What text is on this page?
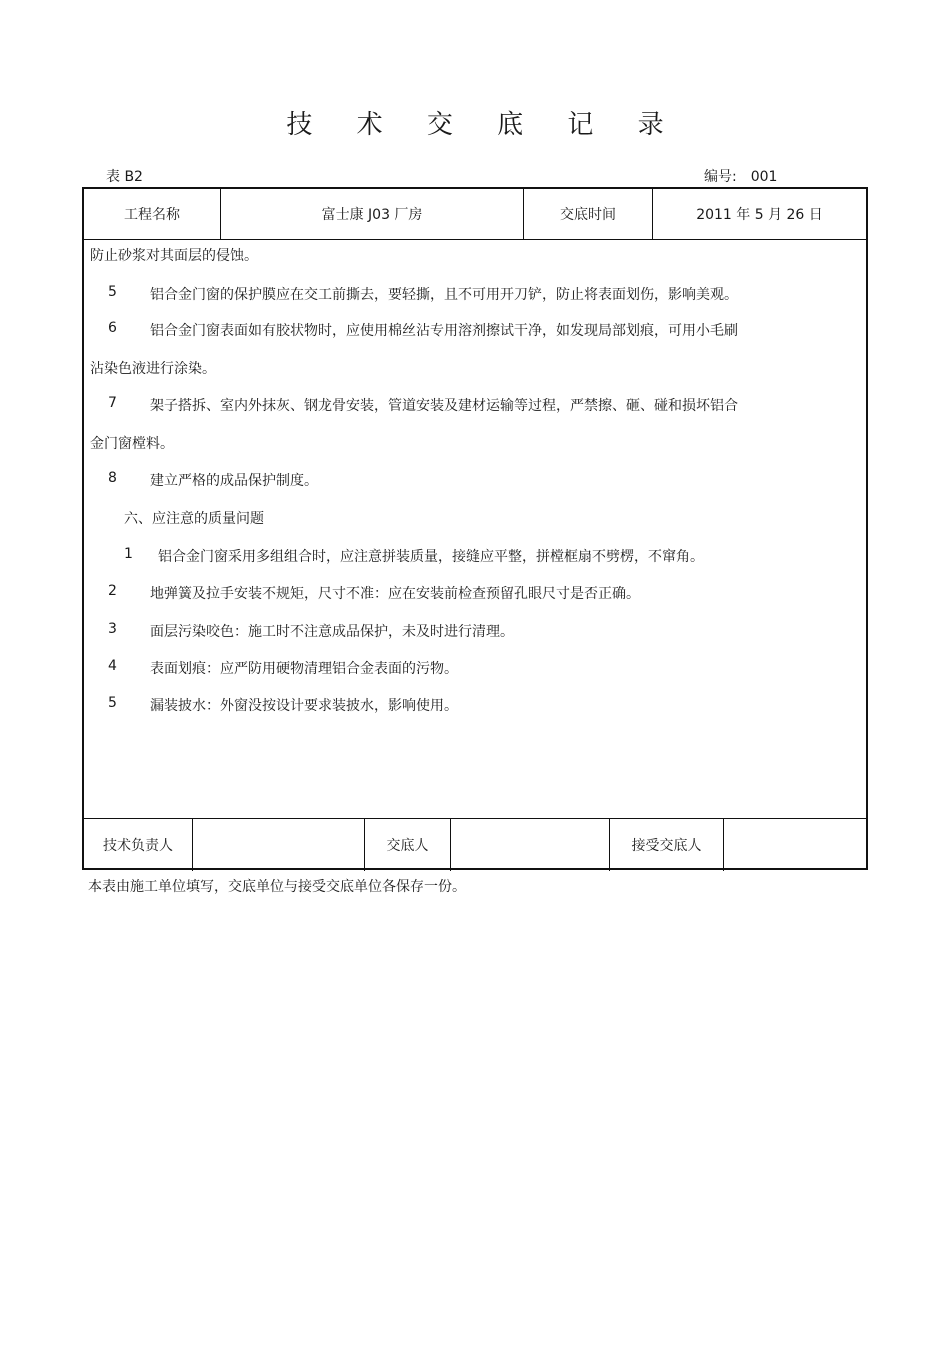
技 术 交 底 记 录
表 B2	编号: 001
工程名称	富士康 J03 厂房	交底时间	2011 年 5 月 26 日
防止砂浆对其面层的侵蚀。
5 铝合金门窗的保护膜应在交工前撕去，要轻撕，且不可用开刀铲，防止将表面划伤，影响美观。
6 铝合金门窗表面如有胶状物时，应使用棉丝沾专用溶剂擦试干净，如发现局部划痕，可用小毛刷
沾染色液进行涂染。
7 架子搭拆、室内外抹灰、钢龙骨安装，管道安装及建材运输等过程，严禁擦、砸、碰和损坏铝合
金门窗樘料。
8 建立严格的成品保护制度。
六、应注意的质量问题
1 铝合金门窗采用多组组合时，应注意拼装质量，接缝应平整，拼樘框扇不劈楞，不窜角。
2 地弹簧及拉手安装不规矩，尺寸不准：应在安装前检查预留孔眼尺寸是否正确。
3 面层污染咬色：施工时不注意成品保护，未及时进行清理。
4 表面划痕：应严防用硬物清理铝合金表面的污物。
5 漏装披水：外窗没按设计要求装披水，影响使用。
技术负责人	交底人	接受交底人
本表由施工单位填写，交底单位与接受交底单位各保存一份。
